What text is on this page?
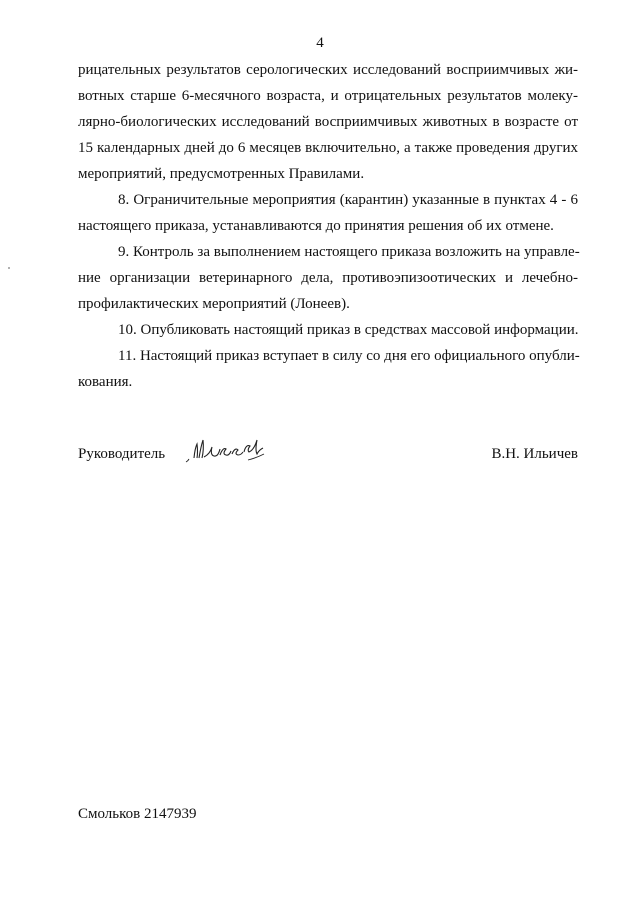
4

рицательных результатов серологических исследований восприимчивых жи-
вотных старше 6-месячного возраста, и отрицательных результатов молеку-
лярно-биологических исследований восприимчивых животных в возрасте от
15 календарных дней до 6 месяцев включительно, а также проведения других
мероприятий, предусмотренных Правилами.

8. Ограничительные мероприятия (карантин) указанные в пунктах 4 - 6
настоящего приказа, устанавливаются до принятия решения об их отмене.

9. Контроль за выполнением настоящего приказа возложить на управле-
ние организации ветеринарного дела, противоэпизоотических и лечебно-
профилактических мероприятий (Лонеев).

10. Опубликовать настоящий приказ в средствах массовой информации.

11. Настоящий приказ вступает в силу со дня его официального опубли-
кования.

Руководитель	В.Н. Ильичев
Смольков 2147939
